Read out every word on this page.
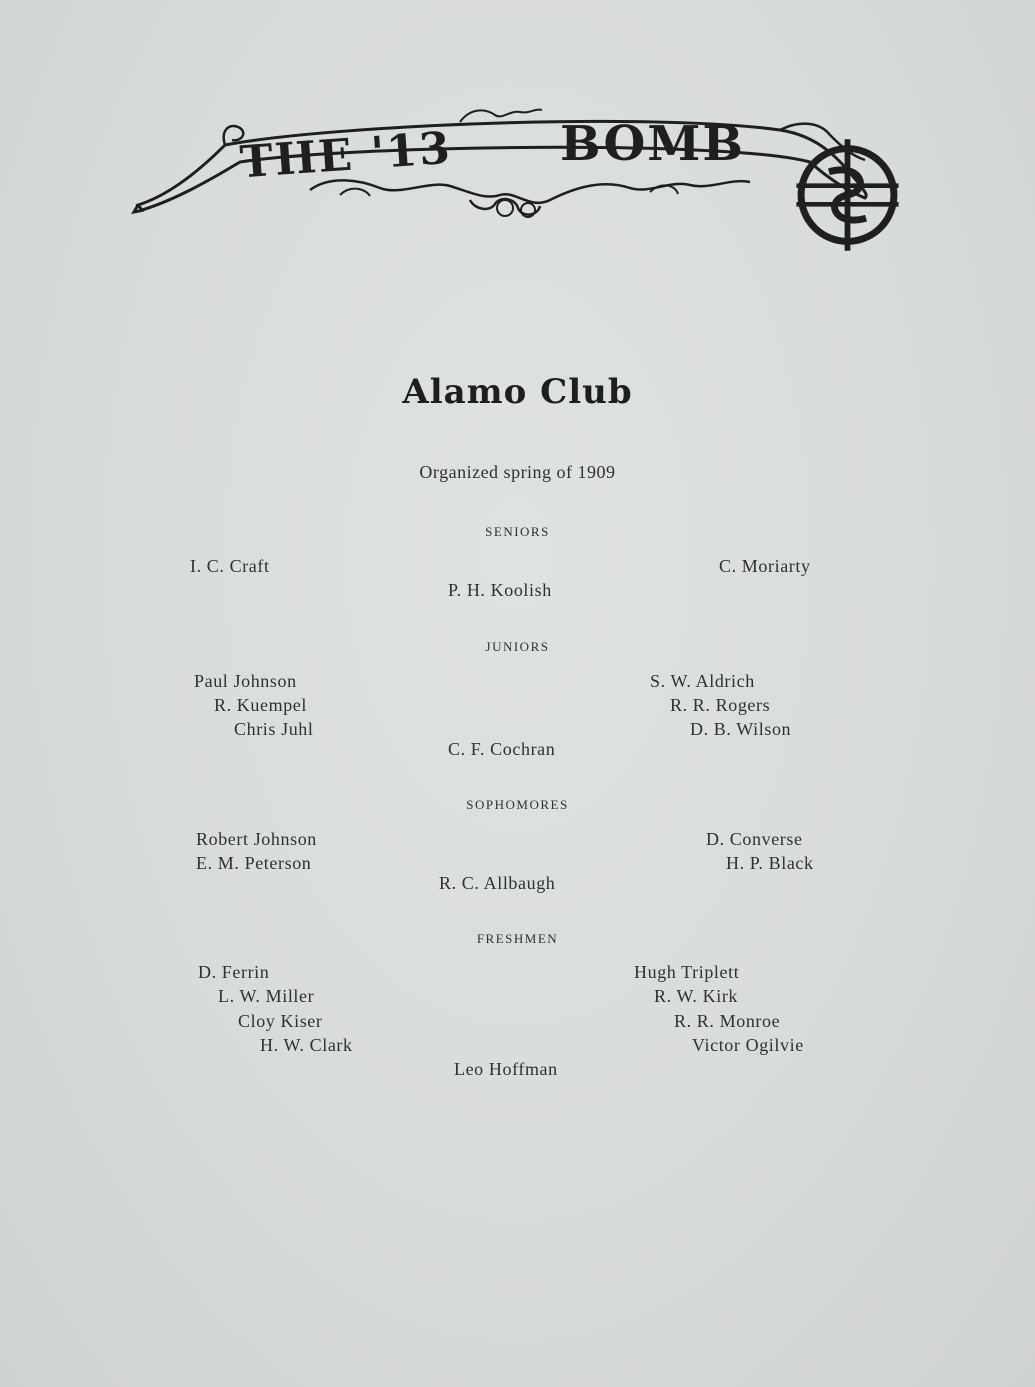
THE '13 BOMB
Alamo Club
Organized spring of 1909
SENIORS
I. C. Craft
P. H. Koolish
C. Moriarty
JUNIORS
Paul Johnson
R. Kuempel
Chris Juhl
C. F. Cochran
S. W. Aldrich
R. R. Rogers
D. B. Wilson
SOPHOMORES
Robert Johnson
E. M. Peterson
R. C. Allbaugh
D. Converse
H. P. Black
FRESHMEN
D. Ferrin
L. W. Miller
Cloy Kiser
H. W. Clark
Leo Hoffman
Hugh Triplett
R. W. Kirk
R. R. Monroe
Victor Ogilvie
